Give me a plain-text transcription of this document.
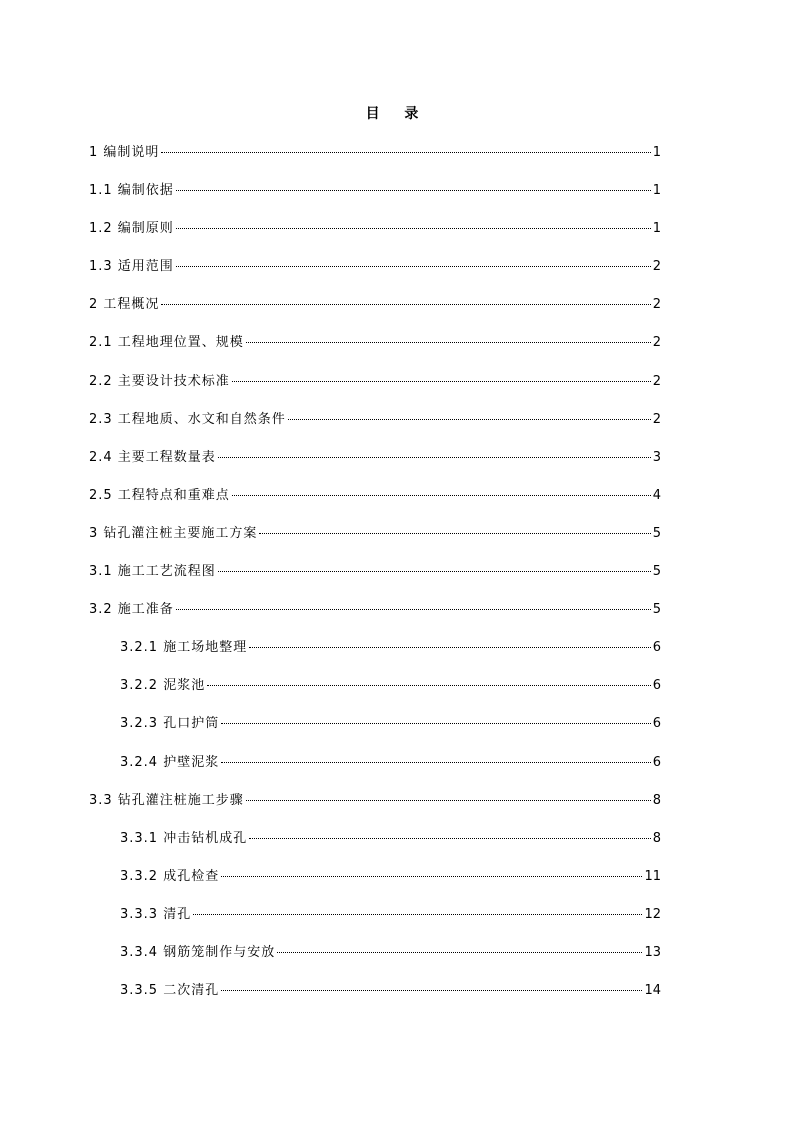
目 录
1 编制说明	1
1.1 编制依据	1
1.2 编制原则	1
1.3 适用范围	2
2 工程概况	2
2.1 工程地理位置、规模	2
2.2 主要设计技术标准	2
2.3 工程地质、水文和自然条件	2
2.4 主要工程数量表	3
2.5 工程特点和重难点	4
3 钻孔灌注桩主要施工方案	5
3.1 施工工艺流程图	5
3.2 施工准备	5
3.2.1 施工场地整理	6
3.2.2 泥浆池	6
3.2.3 孔口护筒	6
3.2.4 护壁泥浆	6
3.3 钻孔灌注桩施工步骤	8
3.3.1 冲击钻机成孔	8
3.3.2 成孔检查	11
3.3.3 清孔	12
3.3.4 钢筋笼制作与安放	13
3.3.5 二次清孔	14
